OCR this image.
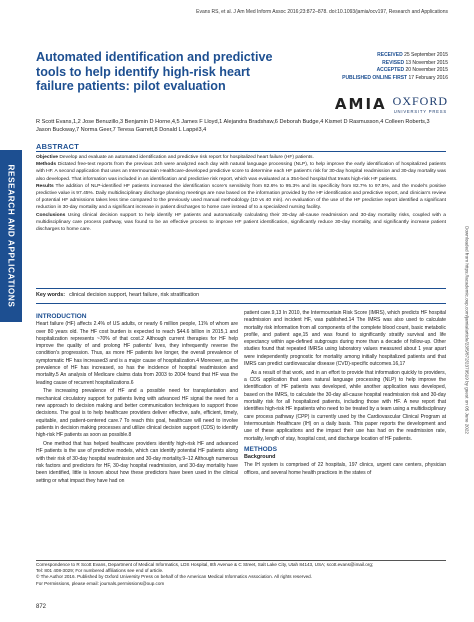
Evans RS, et al. J Am Med Inform Assoc 2016;23:872–878. doi:10.1093/jamia/ocv197, Research and Applications
RESEARCH AND APPLICATIONS	Downloaded from https://academic.oup.com/jamia/article/23/5/872/2379519 by guest on 05 June 2022
Automated identification and predictive tools to help identify high-risk heart failure patients: pilot evaluation
RECEIVED 25 September 2015
REVISED 13 November 2015
ACCEPTED 20 November 2015
PUBLISHED ONLINE FIRST 17 February 2016
AMIA OXFORD
UNIVERSITY PRESS
R Scott Evans,1,2 Jose Benuzillo,3 Benjamin D Horne,4,5 James F Lloyd,1 Alejandra Bradshaw,6 Deborah Budge,4 Kismet D Rasmusson,4 Colleen Roberts,3 Jason Buckway,7 Norma Geer,7 Teresa Garrett,8 Donald L Lappé3,4
ABSTRACT

Objective Develop and evaluate an automated identification and predictive risk report for hospitalized heart failure (HF) patients.

Methods Dictated free-text reports from the previous 24h were analyzed each day with natural language processing (NLP), to help improve the early identification of hospitalized patients with HF. A second application that uses an Intermountain Healthcare-developed predictive score to determine each HF patient's risk for 30-day hospital readmission and 30-day mortality was also developed. That information was included in an identification and predictive risk report, which was evaluated at a 354-bed hospital that treats high-risk HF patients.

Results The addition of NLP-identified HF patients increased the identification score's sensitivity from 82.6% to 95.3% and its specificity from 82.7% to 97.5%, and the model's positive predictive value is 97.45%. Daily multidisciplinary discharge planning meetings are now based on the information provided by the HF identification and predictive report, and clinician's review of potential HF admissions takes less time compared to the previously used manual methodology (10 vs 40 min). An evaluation of the use of the HF predictive report identified a significant reduction in 30-day mortality and a significant increase in patient discharges to home care instead of to a specialized nursing facility.

Conclusions Using clinical decision support to help identify HF patients and automatically calculating their 30-day all-cause readmission and 30-day mortality risks, coupled with a multidisciplinary care process pathway, was found to be an effective process to improve HF patient identification, significantly reduce 30-day mortality, and significantly increase patient discharges to home care.

Key words: clinical decision support, heart failure, risk stratification
INTRODUCTION

Heart failure (HF) affects 2.4% of US adults, or nearly 6 million people, 11% of whom are over 80 years old. The HF cost burden is expected to reach $44.6 billion in 2015,1 and hospitalization represents ~70% of that cost.2 Although current therapies for HF help improve the quality of and prolong HF patients' lives, they infrequently reverse the condition's progression. Thus, as more HF patients live longer, the overall prevalence of symptomatic HF has increased3 and is a major cause of hospitalization.4 Moreover, as the prevalence of HF has increased, so has the incidence of hospital readmission and mortality.5 An analysis of Medicare claims data from 2003 to 2004 found that HF was the leading cause of recurrent hospitalizations.6

The increasing prevalence of HF and a possible need for transplantation and mechanical circulatory support for patients living with advanced HF signal the need for a new approach to decision making and better communication techniques to support those decisions. The goal is to help healthcare providers deliver effective, safe, efficient, timely, equitable, and patient-centered care.7 To reach this goal, healthcare will need to involve patients in decision making processes and utilize clinical decision support (CDS) to identify high-risk HF patients as soon as possible.8

One method that has helped healthcare providers identify high-risk HF and advanced HF patients is the use of predictive models, which can identify potential HF patients along with their risk of 30-day hospital readmission and 30-day mortality.9–12 Although numerous risk factors and predictors for HF, 30-day hospital readmission, and 30-day mortality have been identified, little is known about how these predictors have been used in the clinical setting or what impact they have had on

patient care.9,13 In 2010, the Intermountain Risk Score (IMRS), which predicts HF hospital readmission and incident HF, was published.14 The IMRS was also used to calculate mortality risk information from all components of the complete blood count, basic metabolic profile, and patient age,15 and was found to significantly stratify survival and life expectancy within age-defined subgroups during more than a decade of follow-up. Other studies found that repeated IMRSs using laboratory values measured about 1 year apart were independently prognostic for mortality among initially hospitalized patients and that IMRS can predict cardiovascular disease (CVD)-specific outcomes.16,17

As a result of that work, and in an effort to provide that information quickly to providers, a CDS application that uses natural language processing (NLP) to help improve the identification of HF patients was developed, while another application was developed, based on the IMRS, to calculate the 30-day all-cause hospital readmission risk and 30-day mortality risk for all hospitalized patients, including those with HF. A new report that identifies high-risk HF inpatients who need to be treated by a team using a multidisciplinary care process pathway (CPP) is currently used by the Cardiovascular Clinical Program at Intermountain Healthcare (IH) on a daily basis. This paper reports the development and use of these applications and the impact their use has had on the readmission rate, mortality, length of stay, hospital cost, and discharge location of HF patients.

METHODS
Background

The IH system is comprised of 22 hospitals, 197 clinics, urgent care centers, physician offices, and several home health practices in the states of

Correspondence to R Scott Evans, Department of Medical Informatics, LDS Hospital, 8th Avenue & C Street, Salt Lake City, Utah 84143, USA; scott.evans@imail.org;
Tel: 801 408-3029; For numbered affiliations see end of article.
© The Author 2016. Published by Oxford University Press on behalf of the American Medical Informatics Association. All rights reserved.
For Permissions, please email: journals.permissions@oup.com
872
